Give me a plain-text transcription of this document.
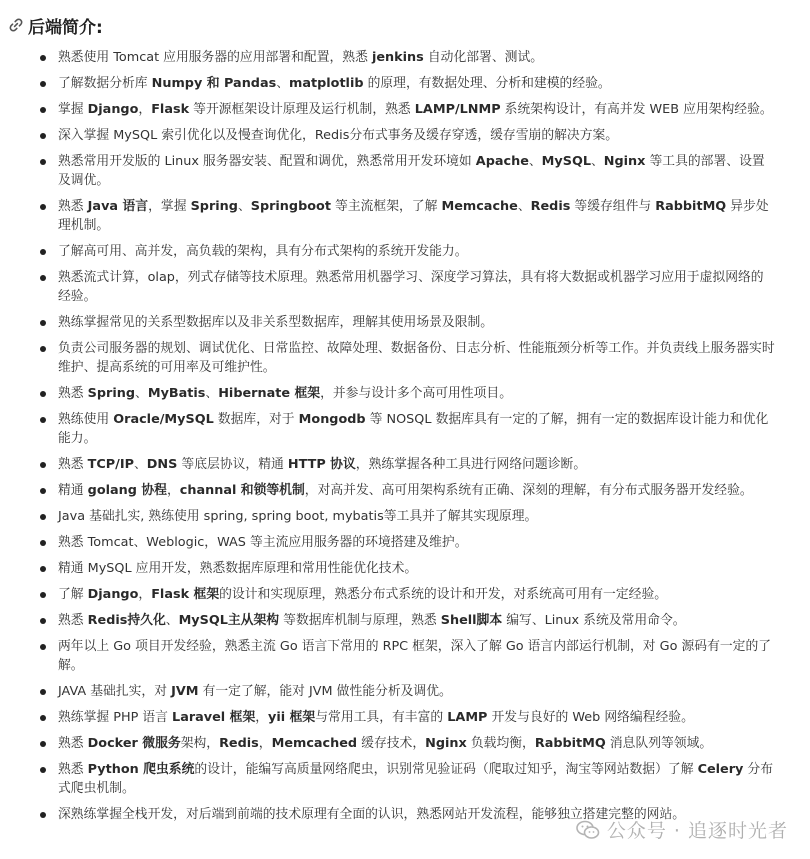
后端简介:
熟悉使用 Tomcat 应用服务器的应用部署和配置，熟悉 jenkins 自动化部署、测试。
了解数据分析库 Numpy 和 Pandas、matplotlib 的原理，有数据处理、分析和建模的经验。
掌握 Django，Flask 等开源框架设计原理及运行机制，熟悉 LAMP/LNMP 系统架构设计，有高并发 WEB 应用架构经验。
深入掌握 MySQL 索引优化以及慢查询优化，Redis分布式事务及缓存穿透，缓存雪崩的解决方案。
熟悉常用开发版的 Linux 服务器安装、配置和调优，熟悉常用开发环境如 Apache、MySQL、Nginx 等工具的部署、设置及调优。
熟悉 Java 语言，掌握 Spring、Springboot 等主流框架，了解 Memcache、Redis 等缓存组件与 RabbitMQ 异步处理机制。
了解高可用、高并发，高负载的架构，具有分布式架构的系统开发能力。
熟悉流式计算，olap，列式存储等技术原理。熟悉常用机器学习、深度学习算法，具有将大数据或机器学习应用于虚拟网络的经验。
熟练掌握常见的关系型数据库以及非关系型数据库，理解其使用场景及限制。
负责公司服务器的规划、调试优化、日常监控、故障处理、数据备份、日志分析、性能瓶颈分析等工作。并负责线上服务器实时维护、提高系统的可用率及可维护性。
熟悉 Spring、MyBatis、Hibernate 框架，并参与设计多个高可用性项目。
熟练使用 Oracle/MySQL 数据库，对于 Mongodb 等 NOSQL 数据库具有一定的了解，拥有一定的数据库设计能力和优化能力。
熟悉 TCP/IP、DNS 等底层协议，精通 HTTP 协议，熟练掌握各种工具进行网络问题诊断。
精通 golang 协程，channal 和锁等机制，对高并发、高可用架构系统有正确、深刻的理解，有分布式服务器开发经验。
Java 基础扎实, 熟练使用 spring, spring boot, mybatis等工具并了解其实现原理。
熟悉 Tomcat、Weblogic，WAS 等主流应用服务器的环境搭建及维护。
精通 MySQL 应用开发，熟悉数据库原理和常用性能优化技术。
了解 Django，Flask 框架的设计和实现原理，熟悉分布式系统的设计和开发，对系统高可用有一定经验。
熟悉 Redis持久化、MySQL主从架构 等数据库机制与原理，熟悉 Shell脚本 编写、Linux 系统及常用命令。
两年以上 Go 项目开发经验，熟悉主流 Go 语言下常用的 RPC 框架，深入了解 Go 语言内部运行机制，对 Go 源码有一定的了解。
JAVA 基础扎实，对 JVM 有一定了解，能对 JVM 做性能分析及调优。
熟练掌握 PHP 语言 Laravel 框架，yii 框架与常用工具，有丰富的 LAMP 开发与良好的 Web 网络编程经验。
熟悉 Docker 微服务架构，Redis，Memcached 缓存技术，Nginx 负载均衡，RabbitMQ 消息队列等领域。
熟悉 Python 爬虫系统的设计，能编写高质量网络爬虫，识别常见验证码（爬取过知乎，淘宝等网站数据）了解 Celery 分布式爬虫机制。
深熟练掌握全栈开发，对后端到前端的技术原理有全面的认识，熟悉网站开发流程，能够独立搭建完整的网站。
公众号 · 追逐时光者
